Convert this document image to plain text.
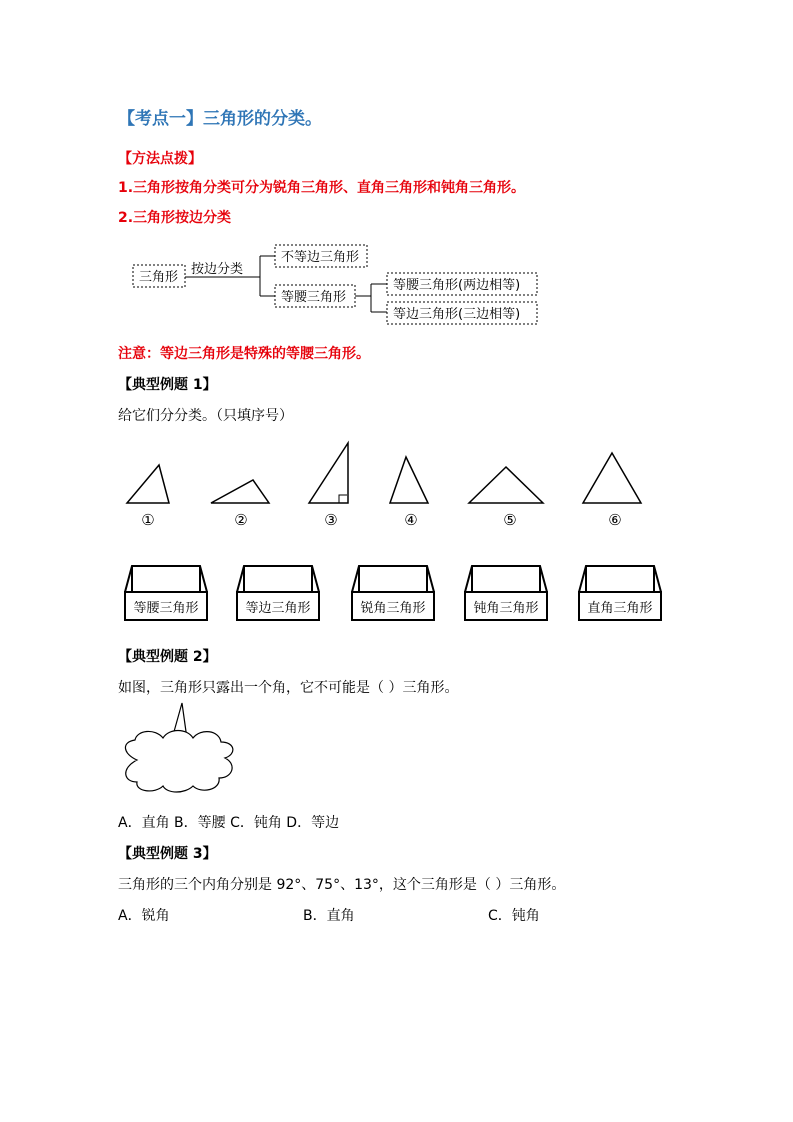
【考点一】三角形的分类。
【方法点拨】
1.三角形按角分类可分为锐角三角形、直角三角形和钝角三角形。
2.三角形按边分类
三角形
按边分类
不等边三角形
等腰三角形
等腰三角形(两边相等)
等边三角形(三边相等)
注意：等边三角形是特殊的等腰三角形。
【典型例题 1】
给它们分分类。（只填序号）
①	②	③	④	⑤	⑥
等腰三角形	等边三角形	锐角三角形	钝角三角形	直角三角形
【典型例题 2】
如图，三角形只露出一个角，它不可能是（ ）三角形。
A．直角 B．等腰 C．钝角 D．等边
【典型例题 3】
三角形的三个内角分别是 92°、75°、13°，这个三角形是（ ）三角形。
A．锐角	B．直角	C．钝角
